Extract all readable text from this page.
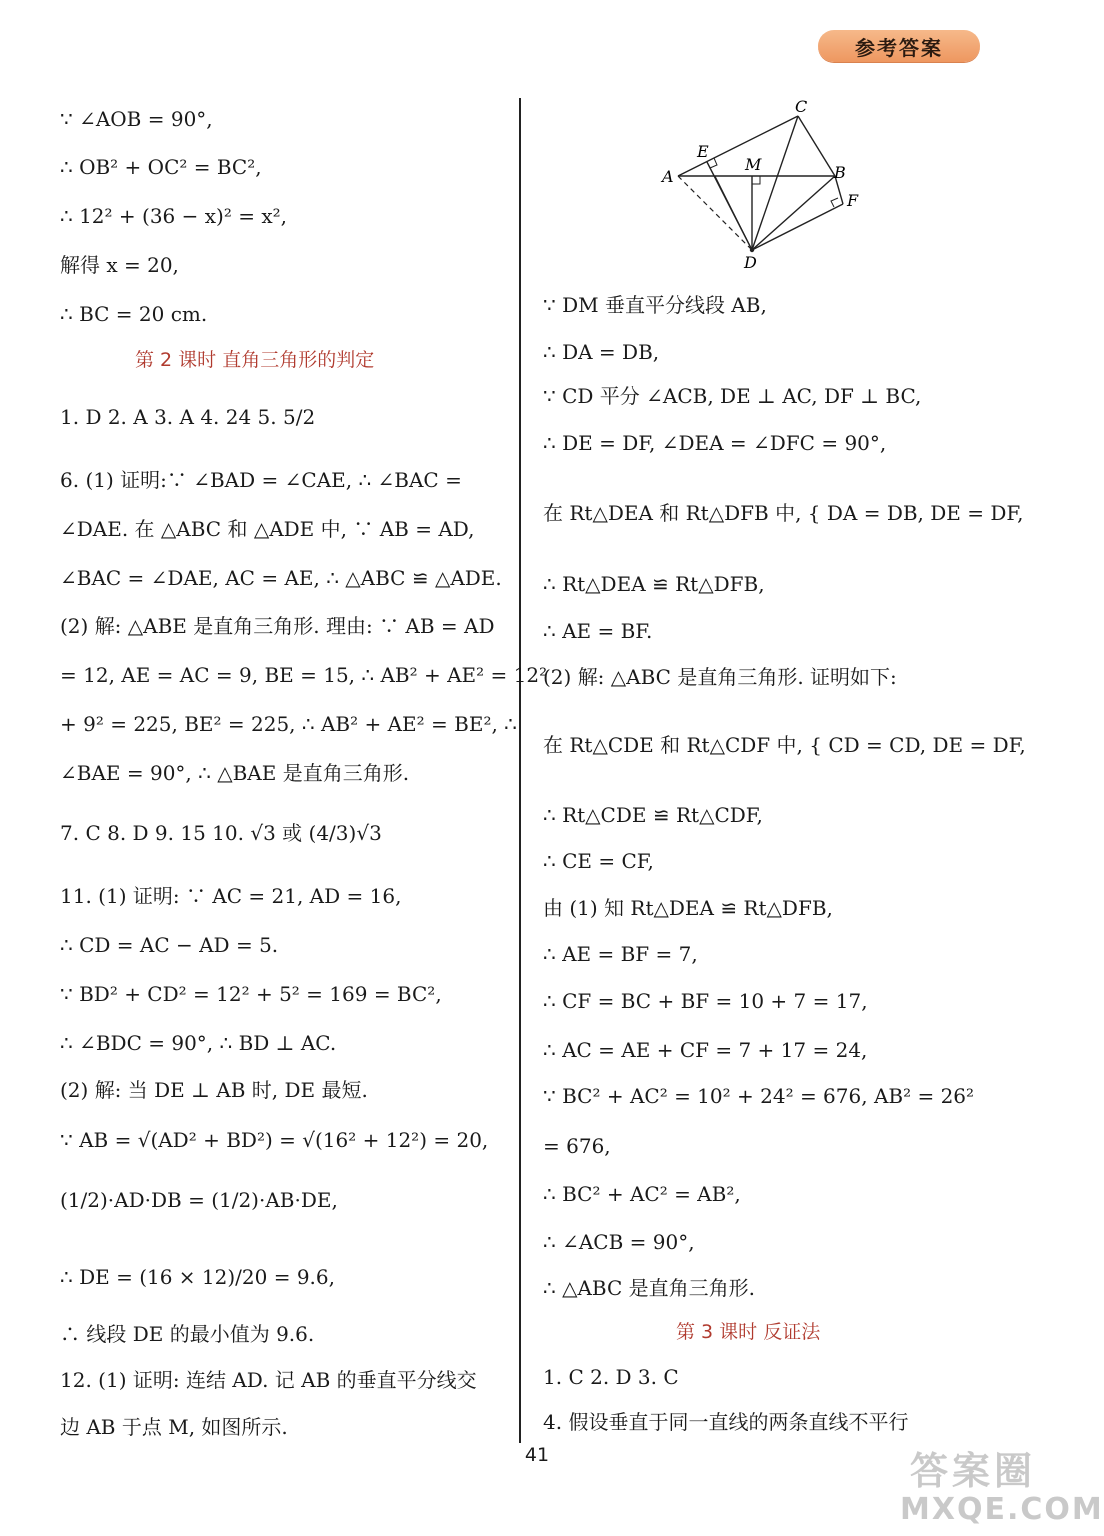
参考答案
∵ ∠AOB = 90°,
∴ OB² + OC² = BC²,
∴ 12² + (36 − x)² = x²,
解得 x = 20,
∴ BC = 20 cm.
第 2 课时 直角三角形的判定
1. D 2. A 3. A 4. 24 5. 5/2
6. (1) 证明:∵ ∠BAD = ∠CAE, ∴ ∠BAC =
∠DAE. 在 △ABC 和 △ADE 中, ∵ AB = AD,
∠BAC = ∠DAE, AC = AE, ∴ △ABC ≌ △ADE.
(2) 解: △ABE 是直角三角形. 理由: ∵ AB = AD
= 12, AE = AC = 9, BE = 15, ∴ AB² + AE² = 12²
+ 9² = 225, BE² = 225, ∴ AB² + AE² = BE², ∴
∠BAE = 90°, ∴ △BAE 是直角三角形.
7. C 8. D 9. 15 10. √3 或 (4/3)√3
11. (1) 证明: ∵ AC = 21, AD = 16,
∴ CD = AC − AD = 5.
∵ BD² + CD² = 12² + 5² = 169 = BC²,
∴ ∠BDC = 90°, ∴ BD ⊥ AC.
(2) 解: 当 DE ⊥ AB 时, DE 最短.
∵ AB = √(AD² + BD²) = √(16² + 12²) = 20,
(1/2)·AD·DB = (1/2)·AB·DE,
∴ DE = (16 × 12)/20 = 9.6,
∴ 线段 DE 的最小值为 9.6.
12. (1) 证明: 连结 AD. 记 AB 的垂直平分线交
边 AB 于点 M, 如图所示.
C
E
M
A	B
F
D
∵ DM 垂直平分线段 AB,
∴ DA = DB,
∵ CD 平分 ∠ACB, DE ⊥ AC, DF ⊥ BC,
∴ DE = DF, ∠DEA = ∠DFC = 90°,
在 Rt△DEA 和 Rt△DFB 中, { DA = DB, DE = DF,
∴ Rt△DEA ≌ Rt△DFB,
∴ AE = BF.
(2) 解: △ABC 是直角三角形. 证明如下:
在 Rt△CDE 和 Rt△CDF 中, { CD = CD, DE = DF,
∴ Rt△CDE ≌ Rt△CDF,
∴ CE = CF,
由 (1) 知 Rt△DEA ≌ Rt△DFB,
∴ AE = BF = 7,
∴ CF = BC + BF = 10 + 7 = 17,
∴ AC = AE + CF = 7 + 17 = 24,
∵ BC² + AC² = 10² + 24² = 676, AB² = 26²
= 676,
∴ BC² + AC² = AB²,
∴ ∠ACB = 90°,
∴ △ABC 是直角三角形.
第 3 课时 反证法
1. C 2. D 3. C
4. 假设垂直于同一直线的两条直线不平行
41	答案圈
MXQE.COM
